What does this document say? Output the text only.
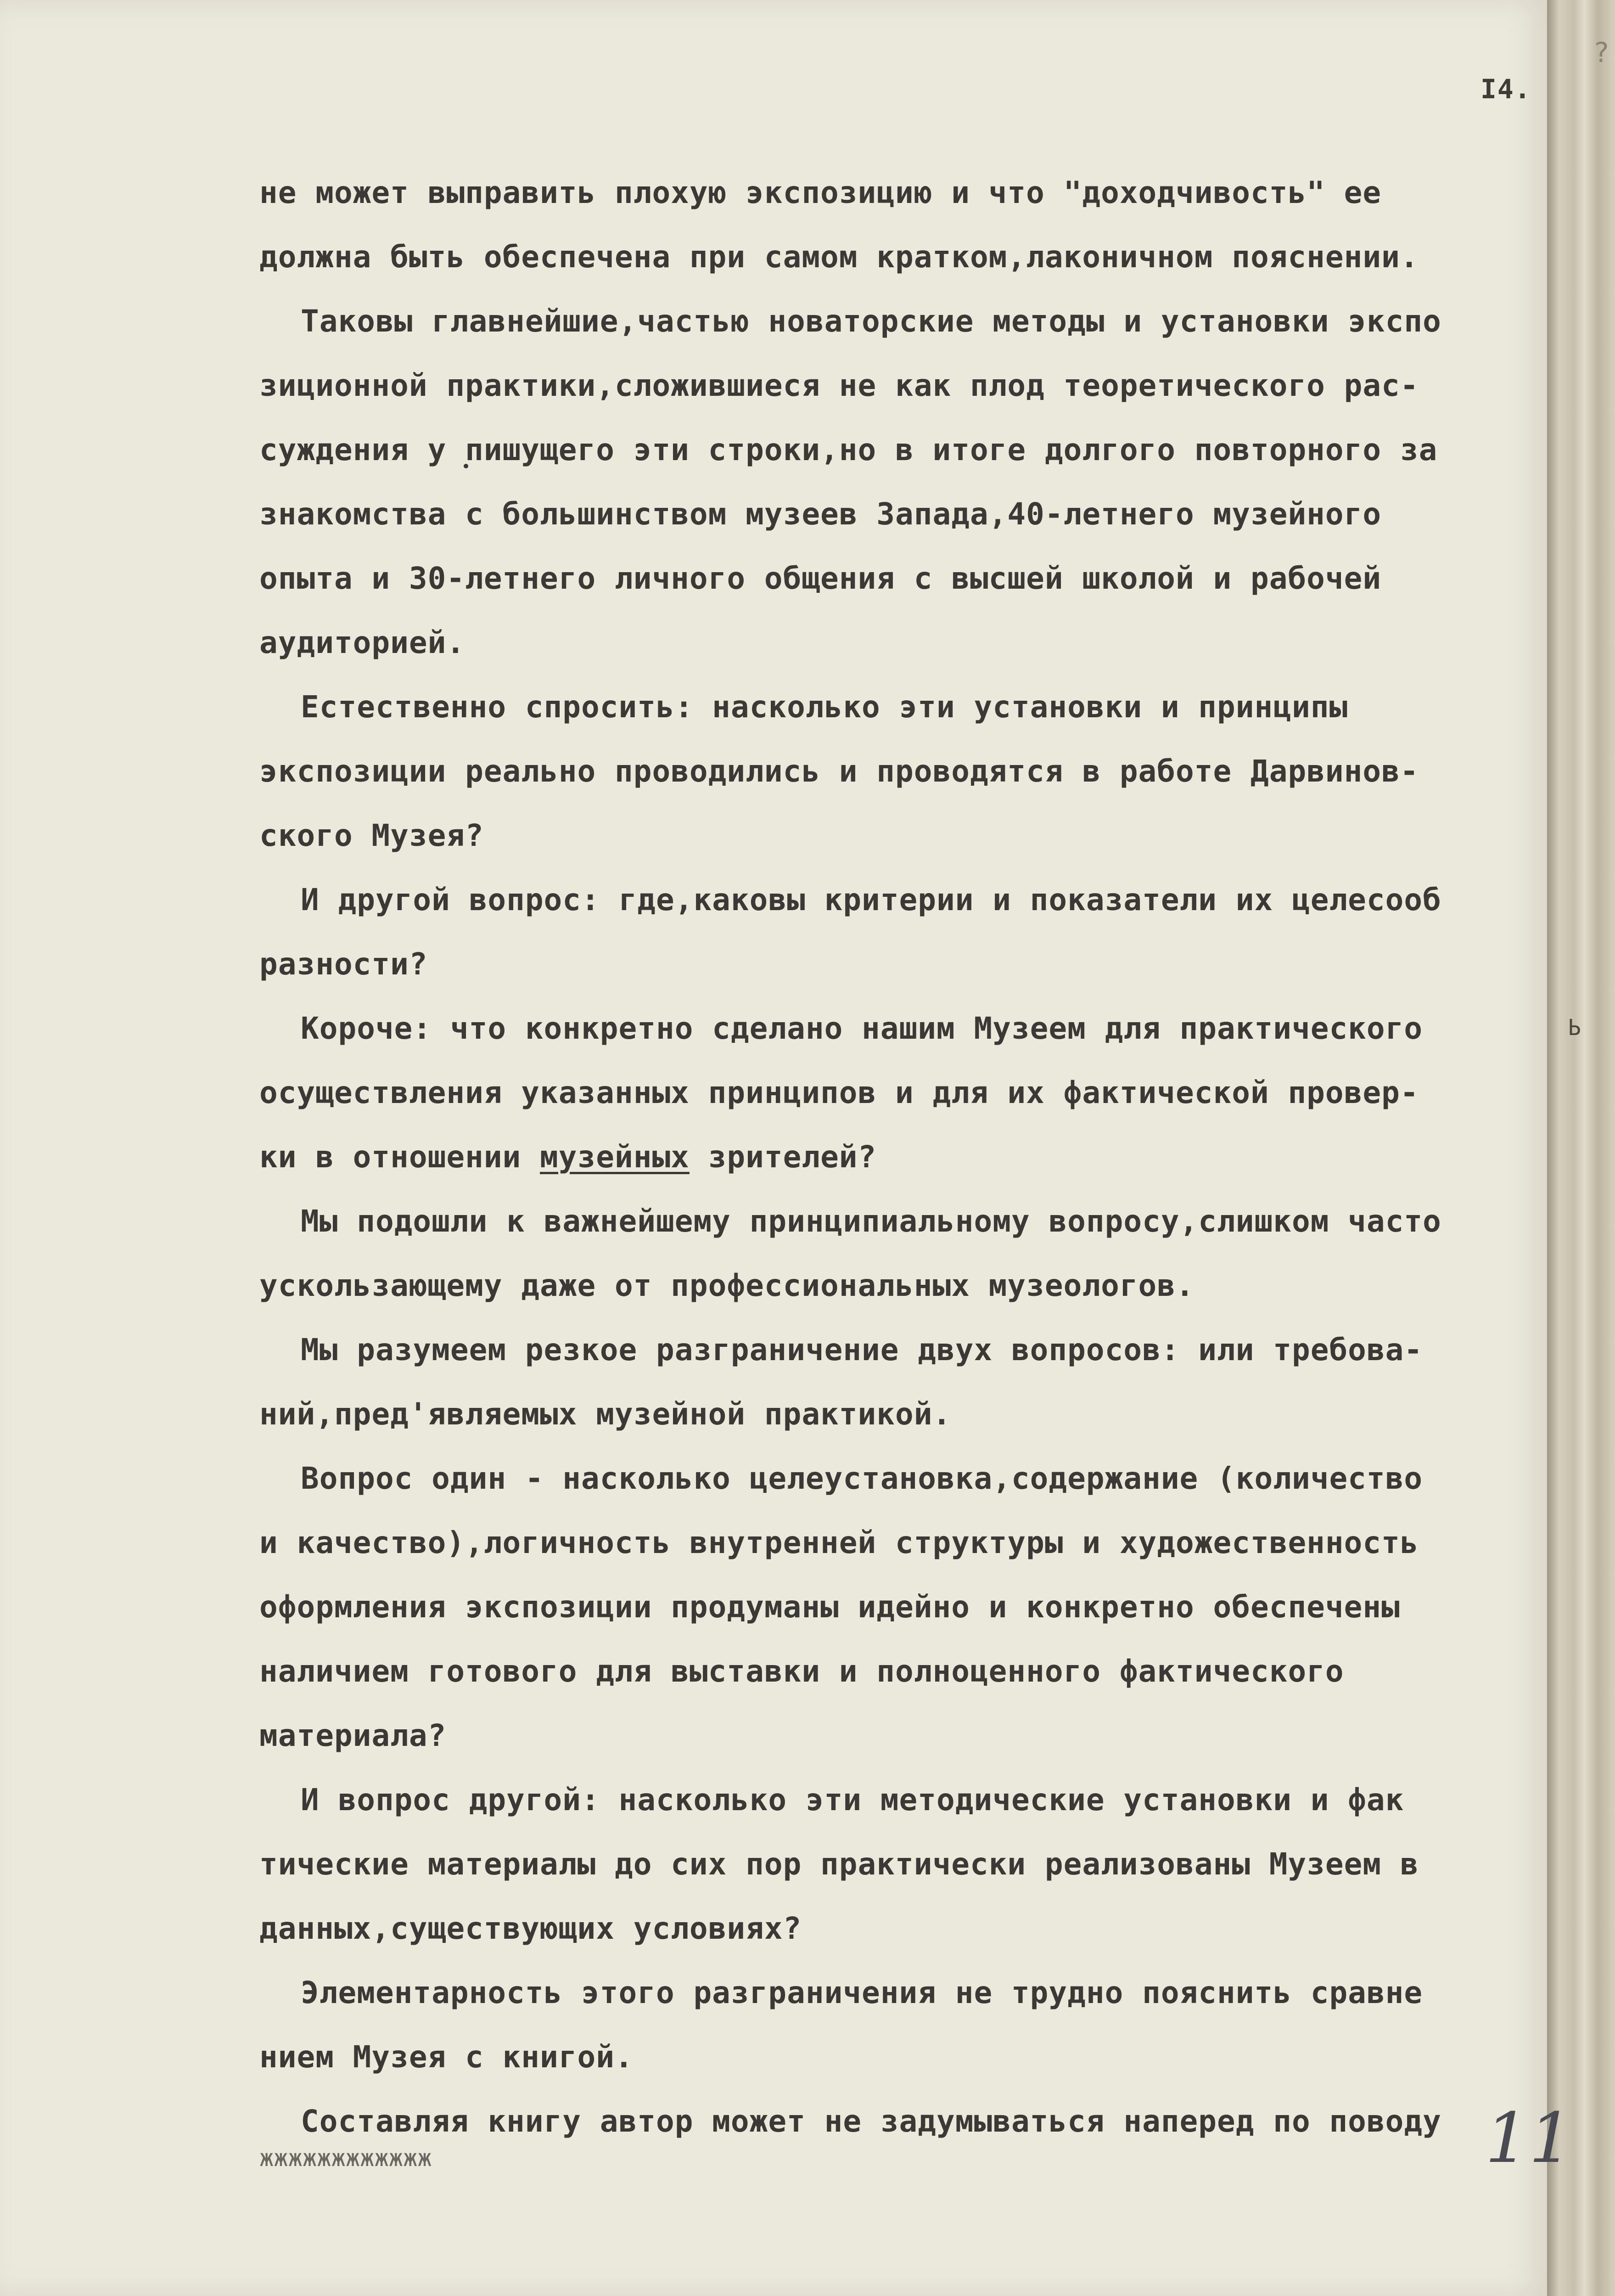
I4.
?
Ь
не может выправить плохую экспозицию и что "доходчивость" ее
должна быть обеспечена при самом кратком,лаконичном пояснении.
Таковы главнейшие,частью новаторские методы и установки экспо
зиционной практики,сложившиеся не как плод теоретического рас-
суждения у пишущего эти строки,но в итоге долгого повторного за
знакомства с большинством музеев Запада,40-летнего музейного
опыта и 30-летнего личного общения с высшей школой и рабочей
аудиторией.
Естественно спросить: насколько эти установки и принципы
экспозиции реально проводились и проводятся в работе Дарвинов-
ского Музея?
И другой вопрос: где,каковы критерии и показатели их целесооб
разности?
Короче: что конкретно сделано нашим Музеем для практического
осуществления указанных принципов и для их фактической провер-
ки в отношении музейных зрителей?
Мы подошли к важнейшему принципиальному вопросу,слишком часто
ускользающему даже от профессиональных музеологов.
Мы разумеем резкое разграничение двух вопросов: или требова-
ний,пред'являемых музейной практикой.
Вопрос один - насколько целеустановка,содержание (количество
и качество),логичность внутренней структуры и художественность
оформления экспозиции продуманы идейно и конкретно обеспечены
наличием готового для выставки и полноценного фактического
материала?
И вопрос другой: насколько эти методические установки и фак
тические материалы до сих пор практически реализованы Музеем в
данных,существующих условиях?
Элементарность этого разграничения не трудно пояснить сравне
нием Музея с книгой.
Составляя книгу автор может не задумываться наперед по поводу
жжжжжжжжжжжж	11
